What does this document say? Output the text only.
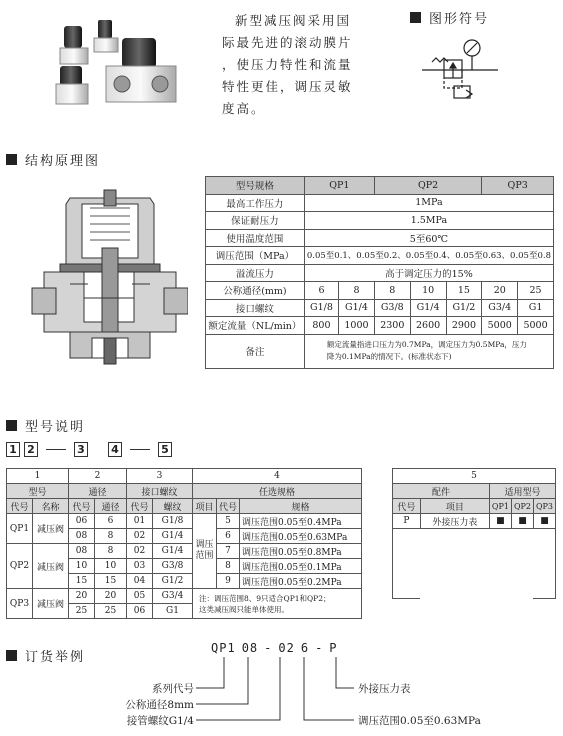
新型减压阀采用国
际最先进的滚动膜片
，使压力特性和流量
特性更佳，调压灵敏
度高。
图形符号
结构原理图
型号规格	QP1		QP2			QP3	
最高工作压力	1MPa						
保证耐压力	1.5MPa						
使用温度范围	5至60℃						
调压范围（MPa）	0.05至0.1、0.05至0.2、0.05至0.4、0.05至0.63、0.05至0.8						
溢流压力	高于调定压力的15%						
公称通径(mm)	6	8	8	10	15	20	25
接口螺纹	G1/8	G1/4	G3/8	G1/4	G1/2	G3/4	G1
额定流量（NL/min）	800	1000	2300	2600	2900	5000	5000
备注	额定流量指进口压力为0.7MPa，调定压力为0.5MPa，压力
降为0.1MPa的情况下。(标准状态下)						
型号说明
1 2	3 4	5
1		2		3		4		
型号		通径		接口螺纹		任选规格		
代号	名称	代号	通径	代号	螺纹	项目	代号	规格
QP1	减压阀	06	6	01	G1/8	调压范围	5	调压范围0.05至0.4MPa
		08	8	02	G1/4		6	调压范围0.05至0.63MPa
QP2	减压阀	08	8	02	G1/4		7	调压范围0.05至0.8MPa
		10	10	03	G3/8		8	调压范围0.05至0.1MPa
		15	15	04	G1/2		9	调压范围0.05至0.2MPa
QP3	减压阀	20	20	05	G3/4	注：调压范围8、9只适合QP1和QP2；
这类减压阀只能单体使用。		

		25	25	06	G1			
5				
配件		适用型号		
代号	项目	QP1	QP2	QP3
P	外接压力表	■	■	■

订货举例
QP1 08 - 02 6 - P
系列代号
公称通径8mm
接管螺纹G1/4
外接压力表
调压范围0.05至0.63MPa
